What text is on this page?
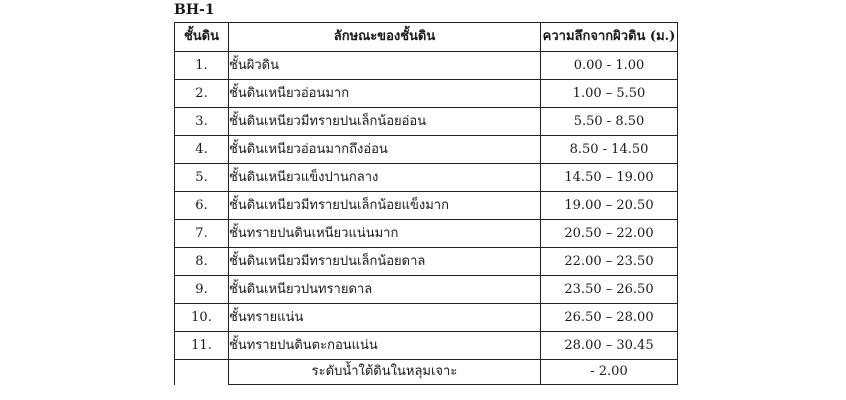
BH-1
ชั้นดิน	ลักษณะของชั้นดิน	ความลึกจากผิวดิน (ม.)
1.	ชั้นผิวดิน	0.00 - 1.00
2.	ชั้นดินเหนียวอ่อนมาก	1.00 – 5.50
3.	ชั้นดินเหนียวมีทรายปนเล็กน้อยอ่อน	5.50 - 8.50
4.	ชั้นดินเหนียวอ่อนมากถึงอ่อน	8.50 - 14.50
5.	ชั้นดินเหนียวแข็งปานกลาง	14.50 – 19.00
6.	ชั้นดินเหนียวมีทรายปนเล็กน้อยแข็งมาก	19.00 – 20.50
7.	ชั้นทรายปนดินเหนียวแน่นมาก	20.50 – 22.00
8.	ชั้นดินเหนียวมีทรายปนเล็กน้อยดาล	22.00 – 23.50
9.	ชั้นดินเหนียวปนทรายดาล	23.50 – 26.50
10.	ชั้นทรายแน่น	26.50 – 28.00
11.	ชั้นทรายปนดินตะกอนแน่น	28.00 – 30.45
	ระดับน้ำใต้ดินในหลุมเจาะ	- 2.00
